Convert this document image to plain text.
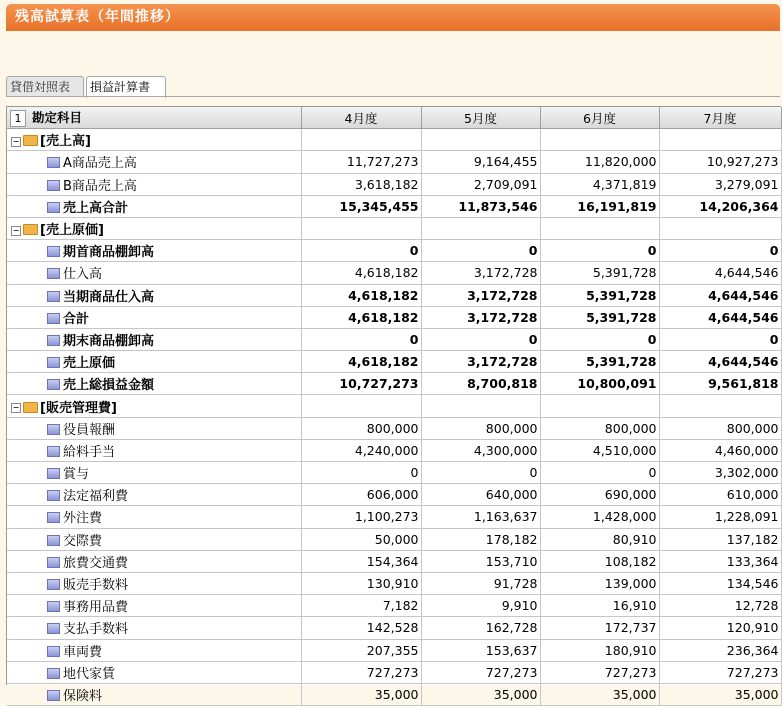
残高試算表（年間推移）
貸借対照表	損益計算書
1 勘定科目	4月度	5月度	6月度	7月度
− [売上高]				
A商品売上高	11,727,273	9,164,455	11,820,000	10,927,273
B商品売上高	3,618,182	2,709,091	4,371,819	3,279,091
売上高合計	15,345,455	11,873,546	16,191,819	14,206,364
− [売上原価]				
期首商品棚卸高	0	0	0	0
仕入高	4,618,182	3,172,728	5,391,728	4,644,546
当期商品仕入高	4,618,182	3,172,728	5,391,728	4,644,546
合計	4,618,182	3,172,728	5,391,728	4,644,546
期末商品棚卸高	0	0	0	0
売上原価	4,618,182	3,172,728	5,391,728	4,644,546
売上総損益金額	10,727,273	8,700,818	10,800,091	9,561,818
− [販売管理費]				
役員報酬	800,000	800,000	800,000	800,000
給料手当	4,240,000	4,300,000	4,510,000	4,460,000
賞与	0	0	0	3,302,000
法定福利費	606,000	640,000	690,000	610,000
外注費	1,100,273	1,163,637	1,428,000	1,228,091
交際費	50,000	178,182	80,910	137,182
旅費交通費	154,364	153,710	108,182	133,364
販売手数料	130,910	91,728	139,000	134,546
事務用品費	7,182	9,910	16,910	12,728
支払手数料	142,528	162,728	172,737	120,910
車両費	207,355	153,637	180,910	236,364
地代家賃	727,273	727,273	727,273	727,273
保険料	35,000	35,000	35,000	35,000
